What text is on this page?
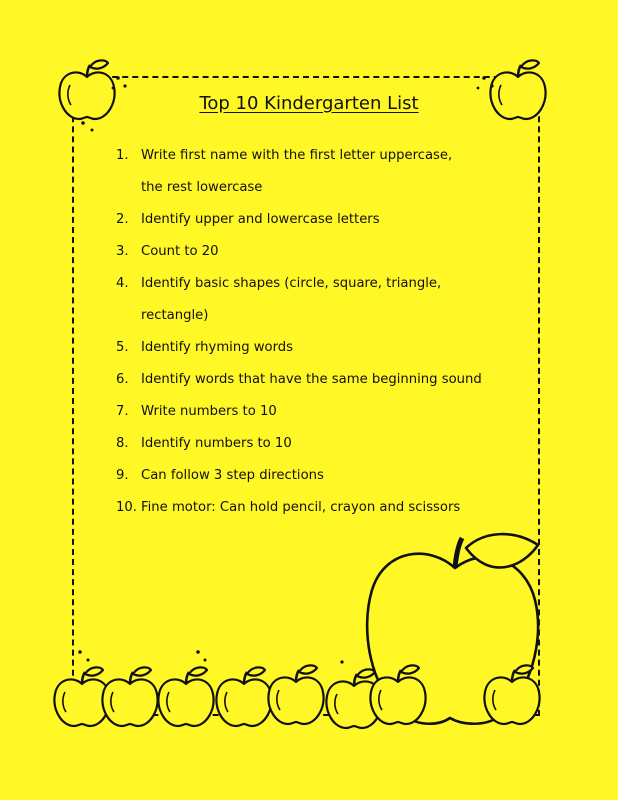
Top 10 Kindergarten List
1. Write first name with the first letter uppercase,
the rest lowercase
2. Identify upper and lowercase letters
3. Count to 20
4. Identify basic shapes (circle, square, triangle,
rectangle)
5. Identify rhyming words
6. Identify words that have the same beginning sound
7. Write numbers to 10
8. Identify numbers to 10
9. Can follow 3 step directions
10. Fine motor: Can hold pencil, crayon and scissors
